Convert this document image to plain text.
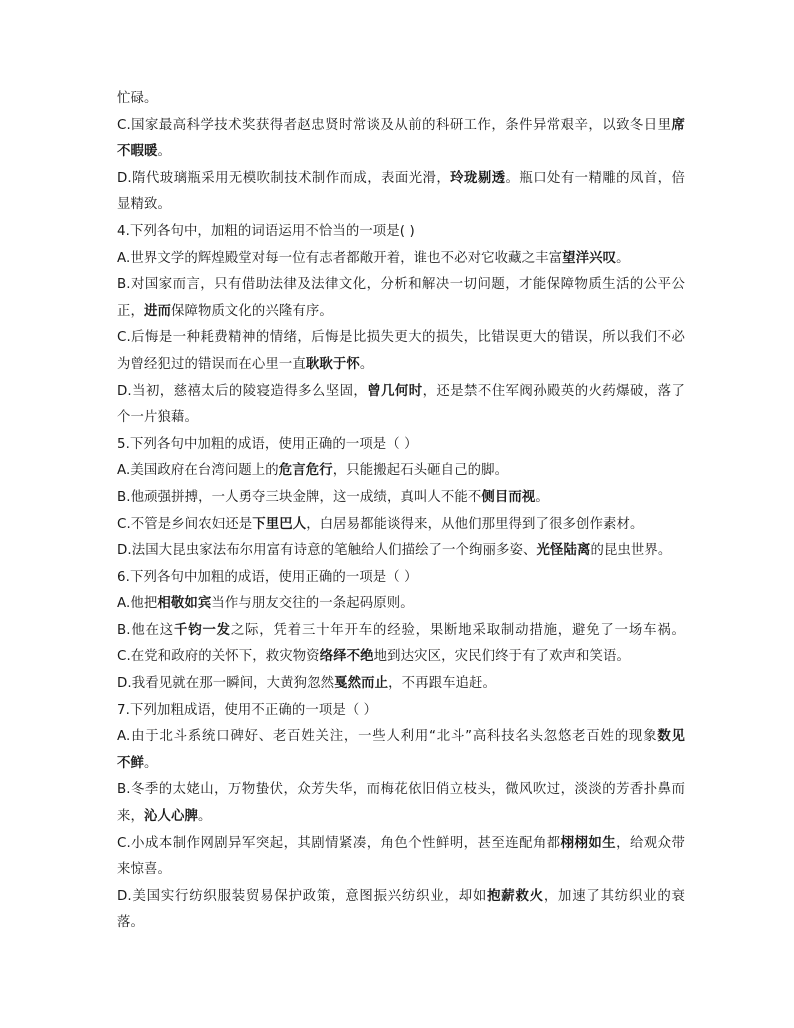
忙碌。
C.国家最高科学技术奖获得者赵忠贤时常谈及从前的科研工作，条件异常艰辛，以致冬日里席
不暇暖。
D.隋代玻璃瓶采用无模吹制技术制作而成，表面光滑，玲珑剔透。瓶口处有一精雕的凤首，倍
显精致。
4.下列各句中，加粗的词语运用不恰当的一项是( )
A.世界文学的辉煌殿堂对每一位有志者都敞开着，谁也不必对它收藏之丰富望洋兴叹。
B.对国家而言，只有借助法律及法律文化，分析和解决一切问题，才能保障物质生活的公平公
正，进而保障物质文化的兴隆有序。
C.后悔是一种耗费精神的情绪，后悔是比损失更大的损失，比错误更大的错误，所以我们不必
为曾经犯过的错误而在心里一直耿耿于怀。
D.当初，慈禧太后的陵寝造得多么坚固，曾几何时，还是禁不住军阀孙殿英的火药爆破，落了
个一片狼藉。
5.下列各句中加粗的成语，使用正确的一项是（ ）
A.美国政府在台湾问题上的危言危行，只能搬起石头砸自己的脚。
B.他顽强拼搏，一人勇夺三块金牌，这一成绩，真叫人不能不侧目而视。
C.不管是乡间农妇还是下里巴人，白居易都能谈得来，从他们那里得到了很多创作素材。
D.法国大昆虫家法布尔用富有诗意的笔触给人们描绘了一个绚丽多姿、光怪陆离的昆虫世界。
6.下列各句中加粗的成语，使用正确的一项是（ ）
A.他把相敬如宾当作与朋友交往的一条起码原则。
B.他在这千钧一发之际，凭着三十年开车的经验，果断地采取制动措施，避免了一场车祸。
C.在党和政府的关怀下，救灾物资络绎不绝地到达灾区，灾民们终于有了欢声和笑语。
D.我看见就在那一瞬间，大黄狗忽然戛然而止，不再跟车追赶。
7.下列加粗成语，使用不正确的一项是（ ）
A.由于北斗系统口碑好、老百姓关注，一些人利用“北斗”高科技名头忽悠老百姓的现象数见
不鲜。
B.冬季的太姥山，万物蛰伏，众芳失华，而梅花依旧俏立枝头，微风吹过，淡淡的芳香扑鼻而
来，沁人心脾。
C.小成本制作网剧异军突起，其剧情紧凑，角色个性鲜明，甚至连配角都栩栩如生，给观众带
来惊喜。
D.美国实行纺织服装贸易保护政策，意图振兴纺织业，却如抱薪救火，加速了其纺织业的衰
落。
